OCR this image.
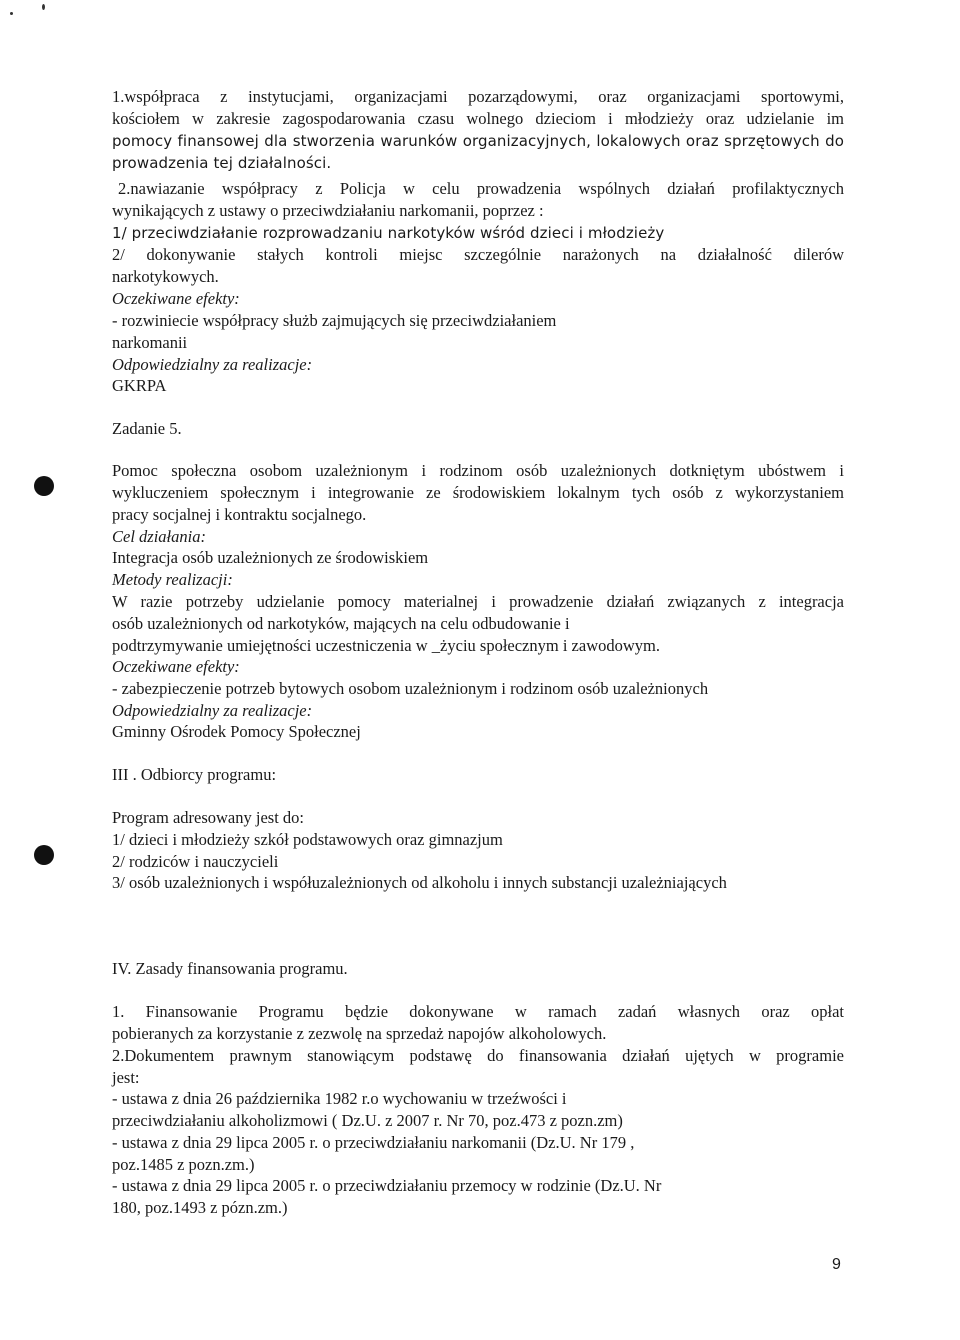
9
1.współpraca z instytucjami, organizacjami pozarządowymi, oraz organizacjami sportowymi,
kościołem w zakresie zagospodarowania czasu wolnego dzieciom i młodzieży oraz udzielanie im
pomocy finansowej dla stworzenia warunków organizacyjnych, lokalowych oraz sprzętowych do
prowadzenia tej działalności.
2.nawiazanie współpracy z Policja w celu prowadzenia wspólnych działań profilaktycznych
wynikających z ustawy o przeciwdziałaniu narkomanii, poprzez :
1/ przeciwdziałanie rozprowadzaniu narkotyków wśród dzieci i młodzieży
2/ dokonywanie stałych kontroli miejsc szczególnie narażonych na działalność dilerów
narkotykowych.
Oczekiwane efekty:
- rozwiniecie współpracy służb zajmujących się przeciwdziałaniem
narkomanii
Odpowiedzialny za realizacje:
GKRPA
Zadanie 5.
Pomoc społeczna osobom uzależnionym i rodzinom osób uzależnionych dotkniętym ubóstwem i
wykluczeniem społecznym i integrowanie ze środowiskiem lokalnym tych osób z wykorzystaniem
pracy socjalnej i kontraktu socjalnego.
Cel działania:
Integracja osób uzależnionych ze środowiskiem
Metody realizacji:
W razie potrzeby udzielanie pomocy materialnej i prowadzenie działań związanych z integracja
osób uzależnionych od narkotyków, mających na celu odbudowanie i
podtrzymywanie umiejętności uczestniczenia w _życiu społecznym i zawodowym.
Oczekiwane efekty:
- zabezpieczenie potrzeb bytowych osobom uzależnionym i rodzinom osób uzależnionych
Odpowiedzialny za realizacje:
Gminny Ośrodek Pomocy Społecznej
III . Odbiorcy programu:
Program adresowany jest do:
1/ dzieci i młodzieży szkół podstawowych oraz gimnazjum
2/ rodziców i nauczycieli
3/ osób uzależnionych i współuzależnionych od alkoholu i innych substancji uzależniających
IV. Zasady finansowania programu.
1. Finansowanie Programu będzie dokonywane w ramach zadań własnych oraz opłat
pobieranych za korzystanie z zezwolę na sprzedaż napojów alkoholowych.
2.Dokumentem prawnym stanowiącym podstawę do finansowania działań ujętych w programie
jest:
- ustawa z dnia 26 października 1982 r.o wychowaniu w trzeźwości i
przeciwdziałaniu alkoholizmowi ( Dz.U. z 2007 r. Nr 70, poz.473 z pozn.zm)
- ustawa z dnia 29 lipca 2005 r. o przeciwdziałaniu narkomanii (Dz.U. Nr 179 ,
poz.1485 z pozn.zm.)
- ustawa z dnia 29 lipca 2005 r. o przeciwdziałaniu przemocy w rodzinie (Dz.U. Nr
180, poz.1493 z pózn.zm.)
